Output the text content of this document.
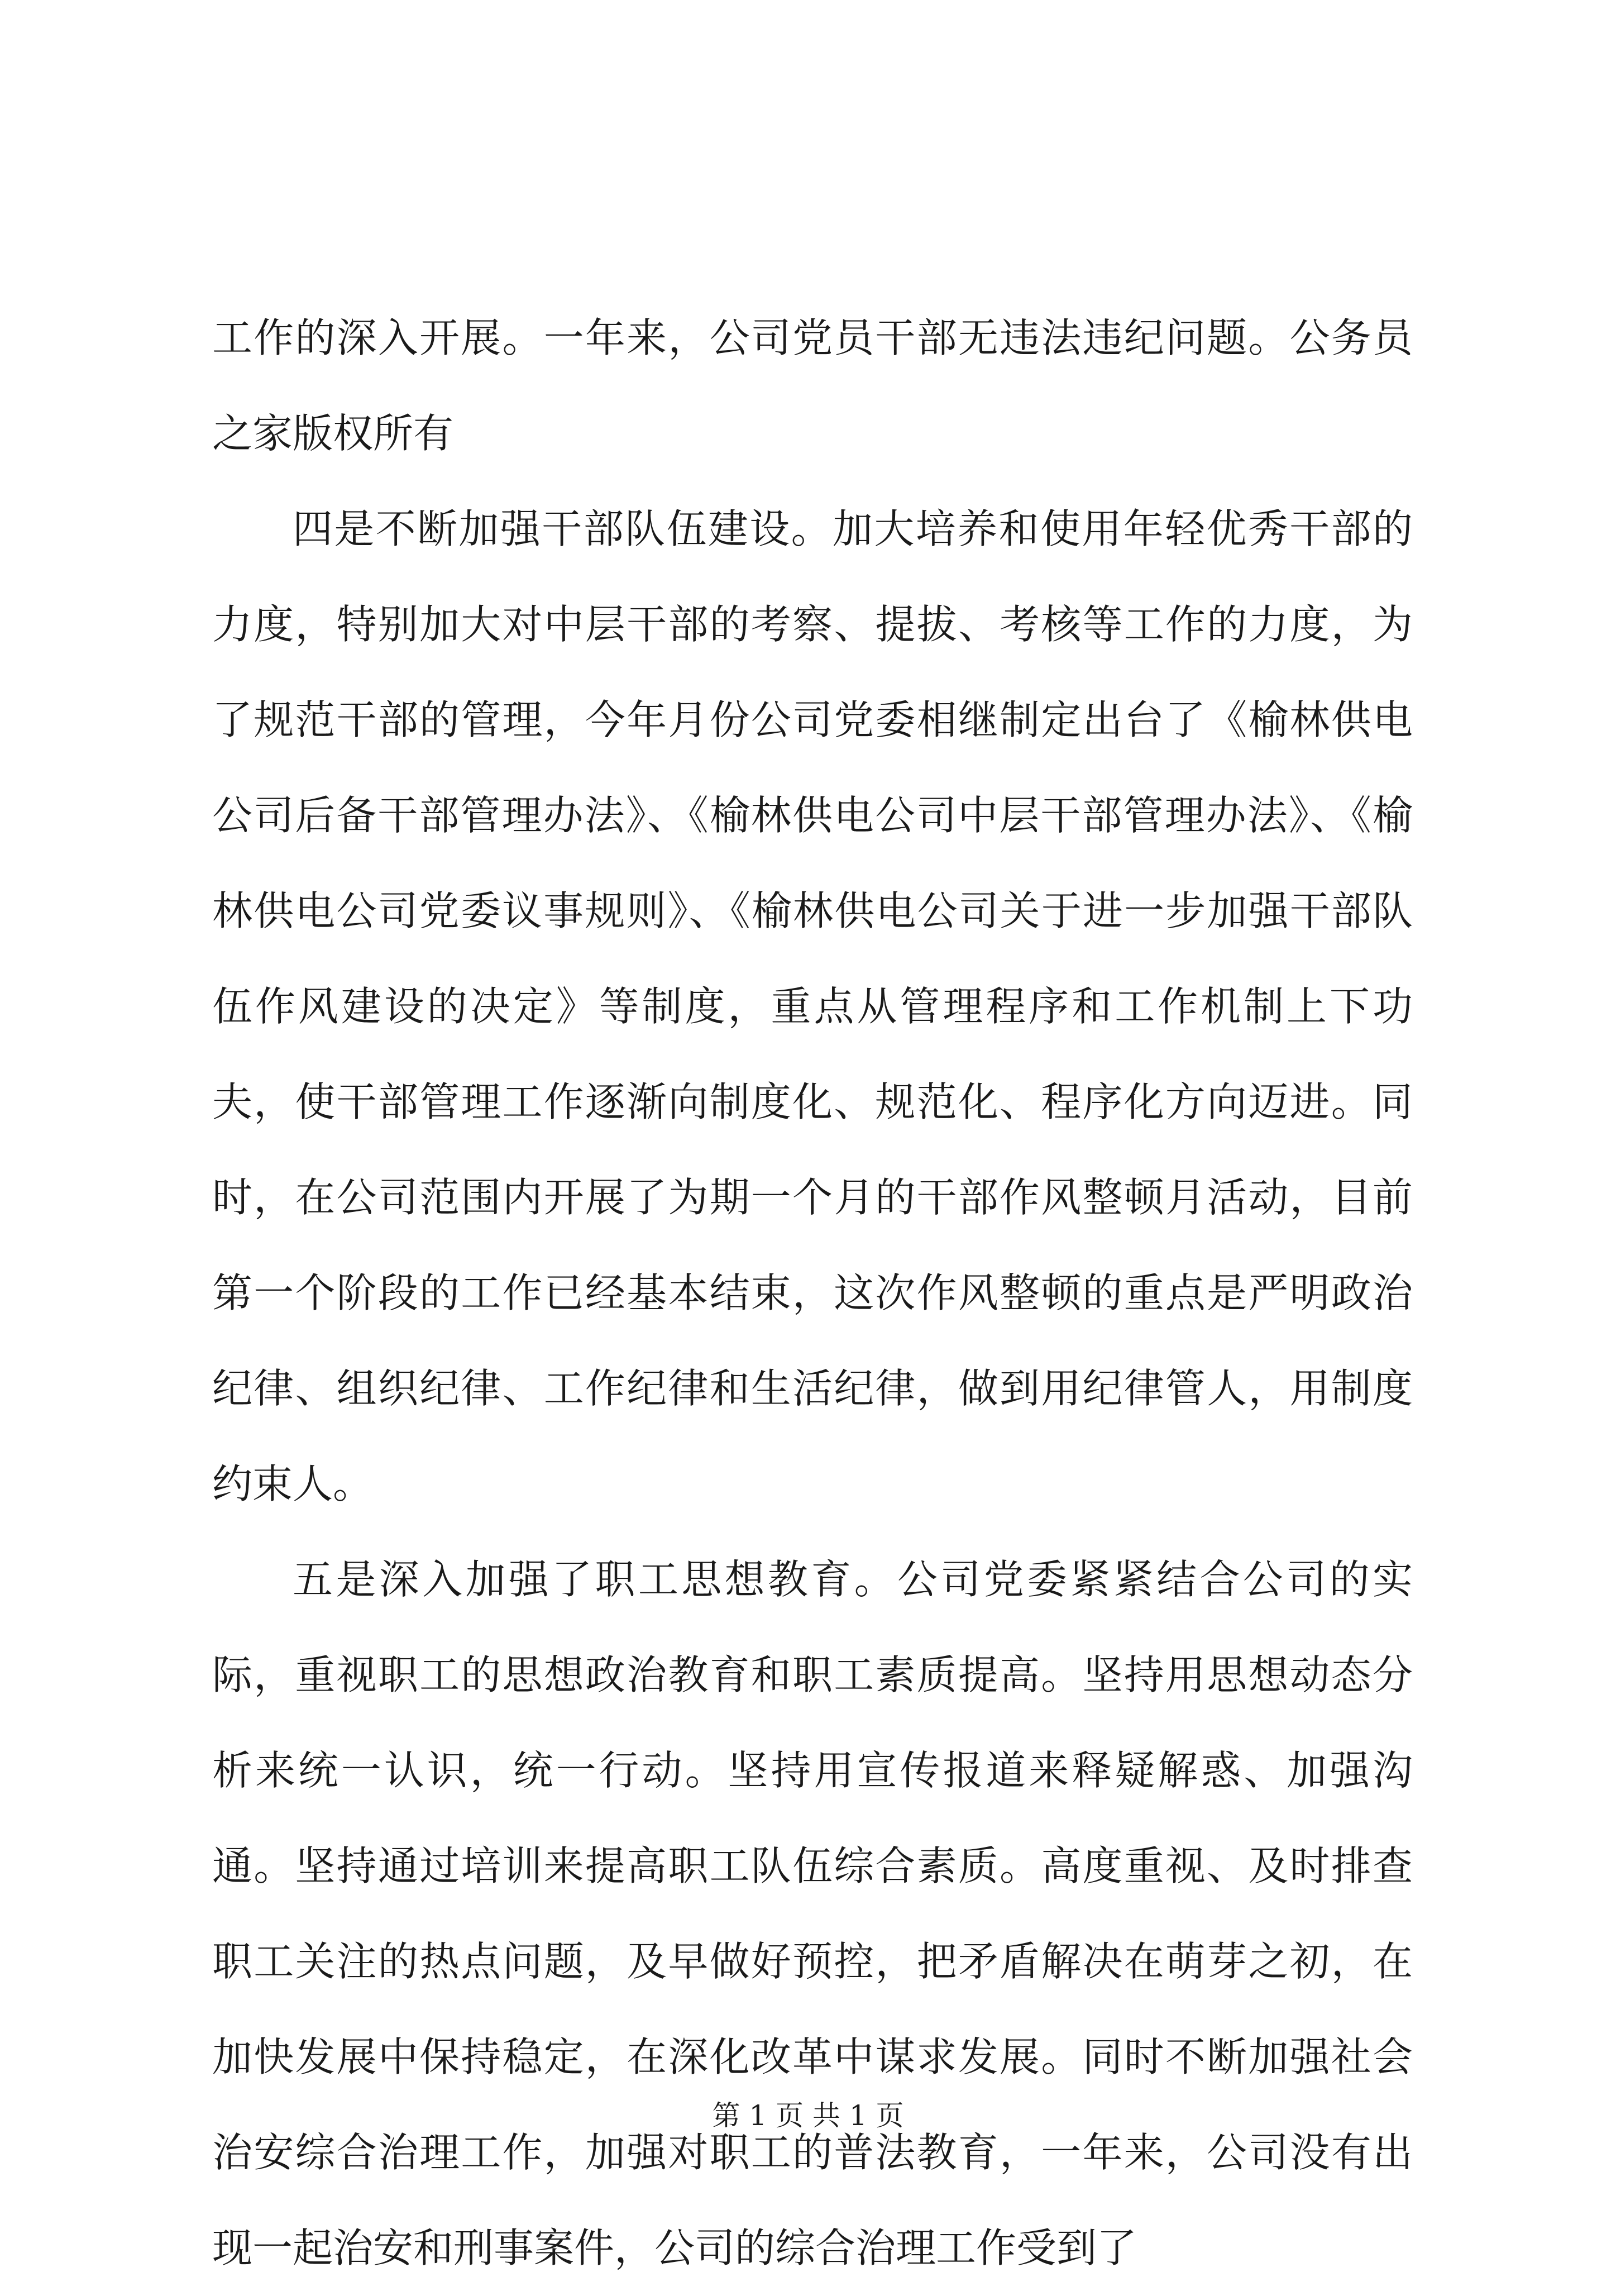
工作的深入开展。一年来，公司党员干部无违法违纪问题。公务员之家版权所有

四是不断加强干部队伍建设。加大培养和使用年轻优秀干部的力度，特别加大对中层干部的考察、提拔、考核等工作的力度，为了规范干部的管理，今年月份公司党委相继制定出台了《榆林供电公司后备干部管理办法》、《榆林供电公司中层干部管理办法》、《榆林供电公司党委议事规则》、《榆林供电公司关于进一步加强干部队伍作风建设的决定》等制度，重点从管理程序和工作机制上下功夫，使干部管理工作逐渐向制度化、规范化、程序化方向迈进。同时，在公司范围内开展了为期一个月的干部作风整顿月活动，目前第一个阶段的工作已经基本结束，这次作风整顿的重点是严明政治纪律、组织纪律、工作纪律和生活纪律，做到用纪律管人，用制度约束人。

五是深入加强了职工思想教育。公司党委紧紧结合公司的实际，重视职工的思想政治教育和职工素质提高。坚持用思想动态分析来统一认识，统一行动。坚持用宣传报道来释疑解惑、加强沟通。坚持通过培训来提高职工队伍综合素质。高度重视、及时排查职工关注的热点问题，及早做好预控，把矛盾解决在萌芽之初，在加快发展中保持稳定，在深化改革中谋求发展。同时不断加强社会治安综合治理工作，加强对职工的普法教育，一年来，公司没有出现一起治安和刑事案件，公司的综合治理工作受到了

第 1 页 共 1 页
